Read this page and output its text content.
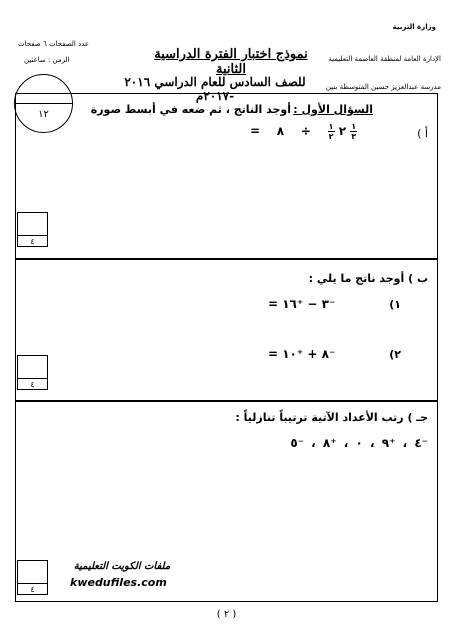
وزارة التربية
الإدارة العامة لمنطقة العاصمة التعليمية
مدرسة عبدالعزيز حسين المتوسطة بنين
نموذج اختبار الفترة الدراسية الثانية
للصف السادس للعام الدراسي ٢٠١٦ -٢٠١٧م
عدد الصفحات ٦ صفحات
الزمن : ساعتين
١٢	السؤال الأول :
أوجد الناتج ، ثم ضعه في أبسط صورة
أ )
=	٢
$\frac{١}{٢}$
÷    ٨	$\frac{١}{٣}$
٤
ب ) أوجد ناتج ما يلي :
١)
⁻٣ − ⁺١٦ =
٢)
⁻٨ + ⁺١٠ =
٤
جـ ) رتب الأعداد الآتية ترتيباً تنازلياً :
⁻٤ ، ⁺٩ ، ٠ ، ⁺٨ ، ⁻٥
٤
ملفات الكويت التعليمية
kwedufiles.com
( ٢ )
